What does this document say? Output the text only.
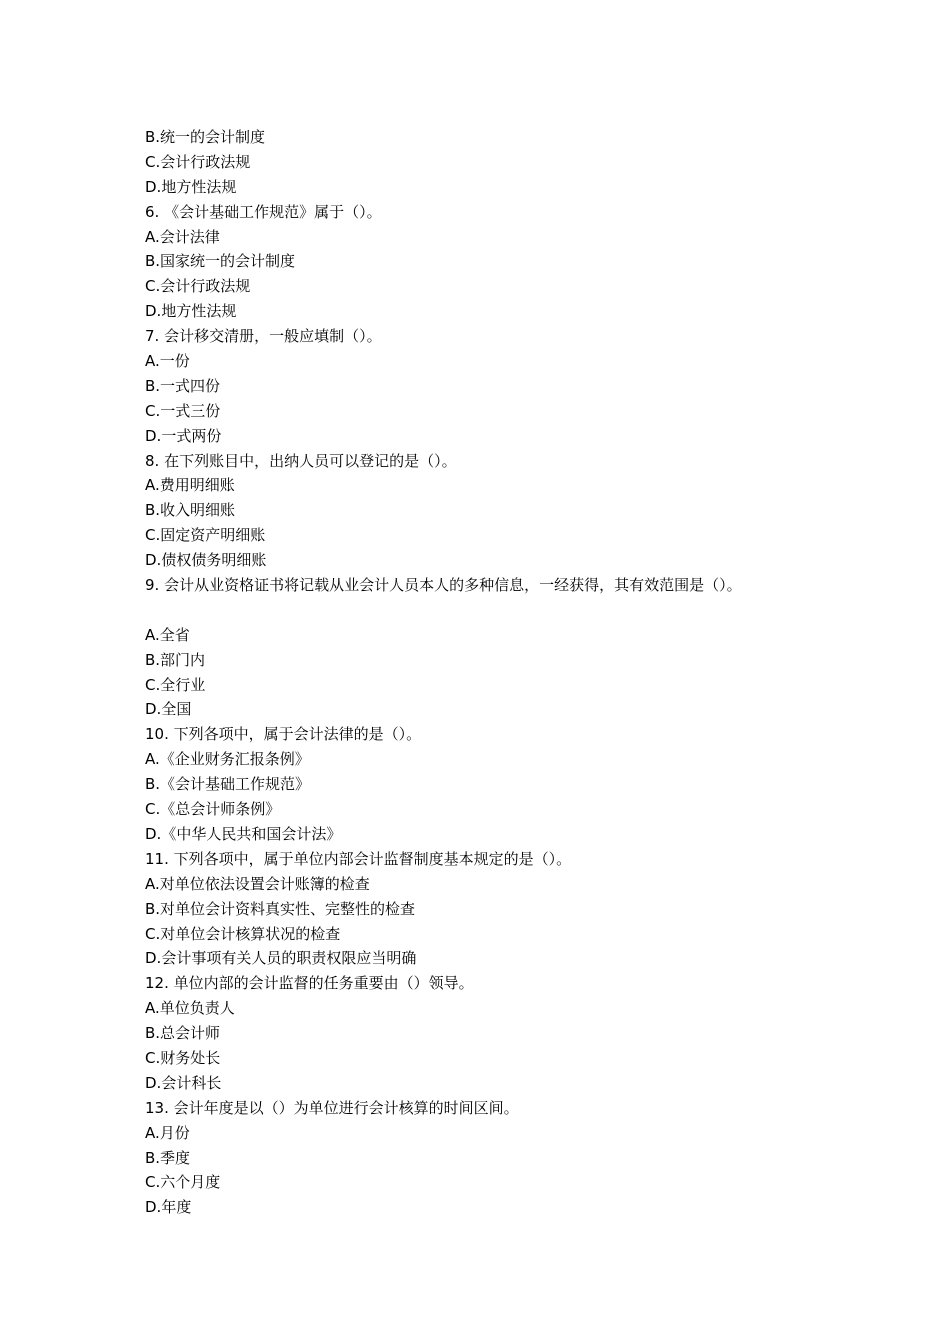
B.统一的会计制度
C.会计行政法规
D.地方性法规
6. 《会计基础工作规范》属于（）。
A.会计法律
B.国家统一的会计制度
C.会计行政法规
D.地方性法规
7. 会计移交清册，一般应填制（）。
A.一份
B.一式四份
C.一式三份
D.一式两份
8. 在下列账目中，出纳人员可以登记的是（）。
A.费用明细账
B.收入明细账
C.固定资产明细账
D.债权债务明细账
9. 会计从业资格证书将记载从业会计人员本人的多种信息，一经获得，其有效范围是（）。
A.全省
B.部门内
C.全行业
D.全国
10. 下列各项中，属于会计法律的是（）。
A.《企业财务汇报条例》
B.《会计基础工作规范》
C.《总会计师条例》
D.《中华人民共和国会计法》
11. 下列各项中，属于单位内部会计监督制度基本规定的是（）。
A.对单位依法设置会计账簿的检查
B.对单位会计资料真实性、完整性的检查
C.对单位会计核算状况的检查
D.会计事项有关人员的职责权限应当明确
12. 单位内部的会计监督的任务重要由（）领导。
A.单位负责人
B.总会计师
C.财务处长
D.会计科长
13. 会计年度是以（）为单位进行会计核算的时间区间。
A.月份
B.季度
C.六个月度
D.年度
